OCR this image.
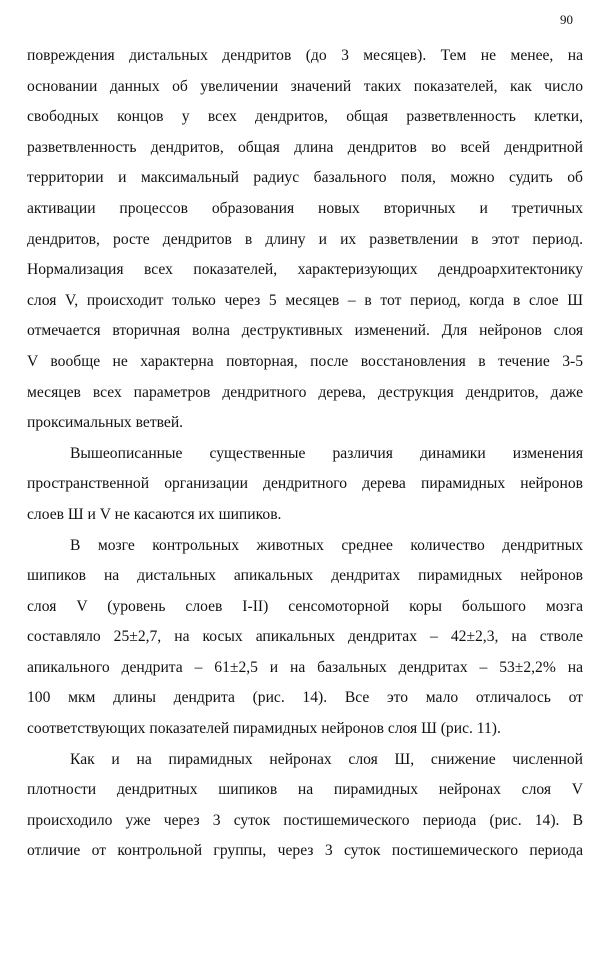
90
повреждения дистальных дендритов (до 3 месяцев). Тем не менее, на
основании данных об увеличении значений таких показателей, как число
свободных концов у всех дендритов, общая разветвленность клетки,
разветвленность дендритов, общая длина дендритов во всей дендритной
территории и максимальный радиус базального поля, можно судить об
активации процессов образования новых вторичных и третичных
дендритов, росте дендритов в длину и их разветвлении в этот период.
Нормализация всех показателей, характеризующих дендроархитектонику
слоя V, происходит только через 5 месяцев – в тот период, когда в слое Ш
отмечается вторичная волна деструктивных изменений. Для нейронов слоя
V вообще не характерна повторная, после восстановления в течение 3-5
месяцев всех параметров дендритного дерева, деструкция дендритов, даже
проксимальных ветвей.
Вышеописанные существенные различия динамики изменения
пространственной организации дендритного дерева пирамидных нейронов
слоев Ш и V не касаются их шипиков.
В мозге контрольных животных среднее количество дендритных
шипиков на дистальных апикальных дендритах пирамидных нейронов
слоя V (уровень слоев I-II) сенсомоторной коры большого мозга
составляло 25±2,7, на косых апикальных дендритах – 42±2,3, на стволе
апикального дендрита – 61±2,5 и на базальных дендритах – 53±2,2% на
100 мкм длины дендрита (рис. 14). Все это мало отличалось от
соответствующих показателей пирамидных нейронов слоя Ш (рис. 11).
Как и на пирамидных нейронах слоя Ш, снижение численной
плотности дендритных шипиков на пирамидных нейронах слоя V
происходило уже через 3 суток постишемического периода (рис. 14). В
отличие от контрольной группы, через 3 суток постишемического периода
